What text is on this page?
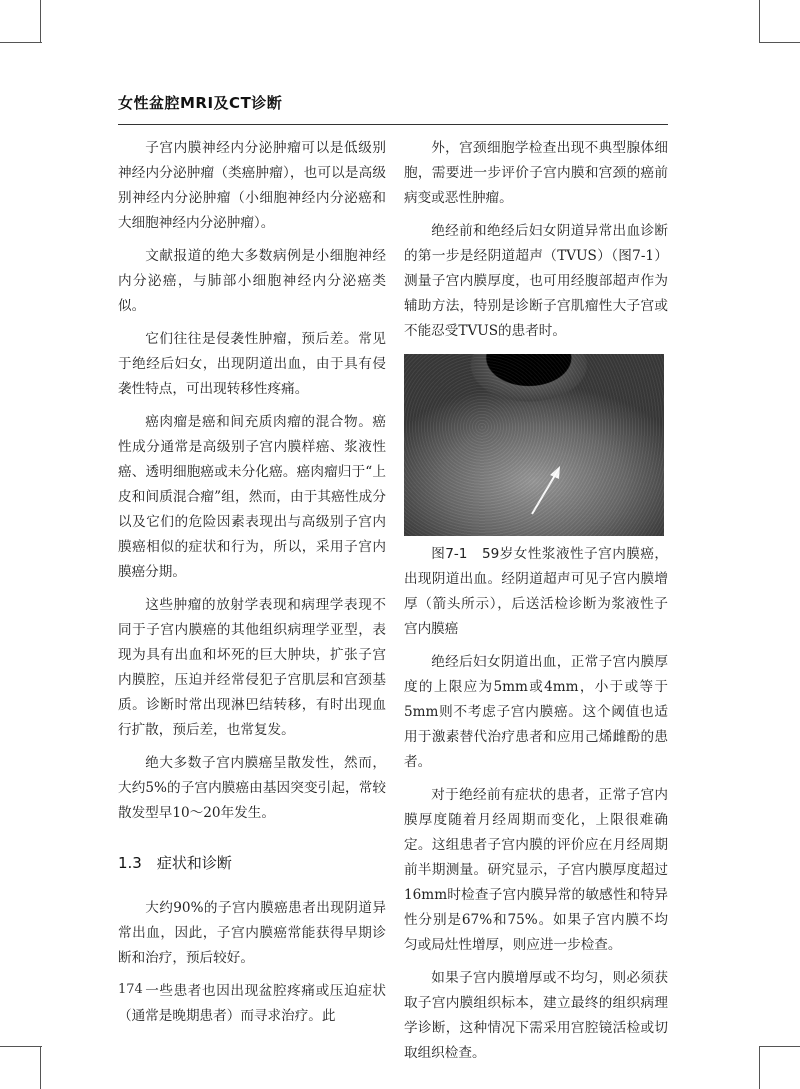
女性盆腔MRI及CT诊断

子宫内膜神经内分泌肿瘤可以是低级别神经内分泌肿瘤（类癌肿瘤），也可以是高级别神经内分泌肿瘤（小细胞神经内分泌癌和大细胞神经内分泌肿瘤）。

文献报道的绝大多数病例是小细胞神经内分泌癌，与肺部小细胞神经内分泌癌类似。

它们往往是侵袭性肿瘤，预后差。常见于绝经后妇女，出现阴道出血，由于具有侵袭性特点，可出现转移性疼痛。

癌肉瘤是癌和间充质肉瘤的混合物。癌性成分通常是高级别子宫内膜样癌、浆液性癌、透明细胞癌或未分化癌。癌肉瘤归于“上皮和间质混合瘤”组，然而，由于其癌性成分以及它们的危险因素表现出与高级别子宫内膜癌相似的症状和行为，所以，采用子宫内膜癌分期。

这些肿瘤的放射学表现和病理学表现不同于子宫内膜癌的其他组织病理学亚型，表现为具有出血和坏死的巨大肿块，扩张子宫内膜腔，压迫并经常侵犯子宫肌层和宫颈基质。诊断时常出现淋巴结转移，有时出现血行扩散，预后差，也常复发。

绝大多数子宫内膜癌呈散发性，然而，大约5%的子宫内膜癌由基因突变引起，常较散发型早10～20年发生。

1.3　症状和诊断

大约90%的子宫内膜癌患者出现阴道异常出血，因此，子宫内膜癌常能获得早期诊断和治疗，预后较好。

一些患者也因出现盆腔疼痛或压迫症状（通常是晚期患者）而寻求治疗。此

外，宫颈细胞学检查出现不典型腺体细胞，需要进一步评价子宫内膜和宫颈的癌前病变或恶性肿瘤。

绝经前和绝经后妇女阴道异常出血诊断的第一步是经阴道超声（TVUS）（图7-1）测量子宫内膜厚度，也可用经腹部超声作为辅助方法，特别是诊断子宫肌瘤性大子宫或不能忍受TVUS的患者时。

图7-1　59岁女性浆液性子宫内膜癌，出现阴道出血。经阴道超声可见子宫内膜增厚（箭头所示），后送活检诊断为浆液性子宫内膜癌

绝经后妇女阴道出血，正常子宫内膜厚度的上限应为5mm或4mm，小于或等于5mm则不考虑子宫内膜癌。这个阈值也适用于激素替代治疗患者和应用己烯雌酚的患者。

对于绝经前有症状的患者，正常子宫内膜厚度随着月经周期而变化，上限很难确定。这组患者子宫内膜的评价应在月经周期前半期测量。研究显示，子宫内膜厚度超过16mm时检查子宫内膜异常的敏感性和特异性分别是67%和75%。如果子宫内膜不均匀或局灶性增厚，则应进一步检查。

如果子宫内膜增厚或不均匀，则必须获取子宫内膜组织标本，建立最终的组织病理学诊断，这种情况下需采用宫腔镜活检或切取组织检查。

174
